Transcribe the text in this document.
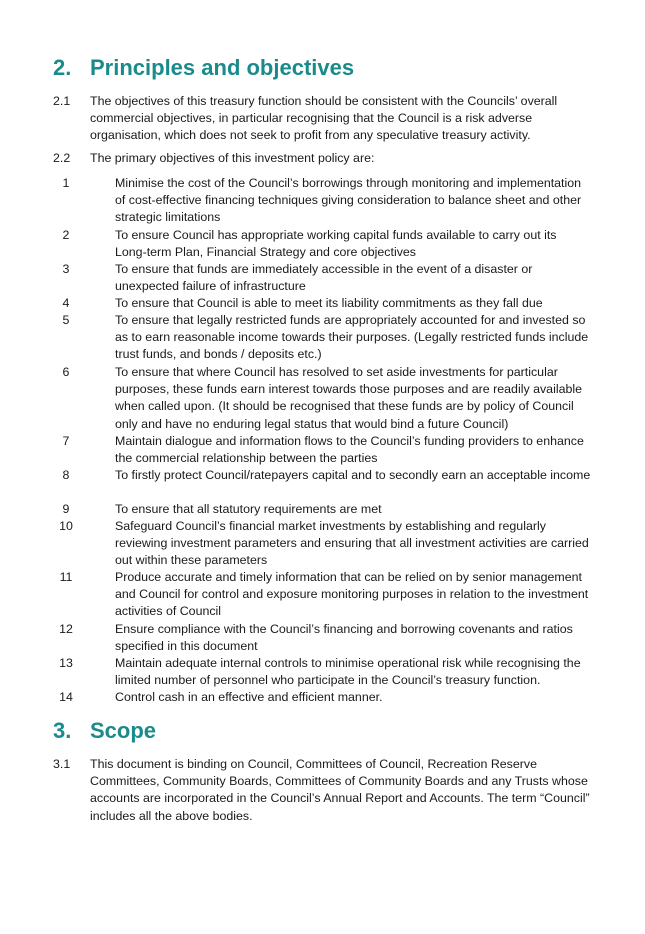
2. Principles and objectives
2.1 The objectives of this treasury function should be consistent with the Councils’ overall commercial objectives, in particular recognising that the Council is a risk adverse organisation, which does not seek to profit from any speculative treasury activity.
2.2 The primary objectives of this investment policy are:
1	Minimise the cost of the Council’s borrowings through monitoring and implementation of cost-effective financing techniques giving consideration to balance sheet and other strategic limitations
2	To ensure Council has appropriate working capital funds available to carry out its Long-term Plan, Financial Strategy and core objectives
3	To ensure that funds are immediately accessible in the event of a disaster or unexpected failure of infrastructure
4	To ensure that Council is able to meet its liability commitments as they fall due
5	To ensure that legally restricted funds are appropriately accounted for and invested so as to earn reasonable income towards their purposes. (Legally restricted funds include trust funds, and bonds / deposits etc.)
6	To ensure that where Council has resolved to set aside investments for particular purposes, these funds earn interest towards those purposes and are readily available when called upon. (It should be recognised that these funds are by policy of Council only and have no enduring legal status that would bind a future Council)
7	Maintain dialogue and information flows to the Council’s funding providers to enhance the commercial relationship between the parties
8	To firstly protect Council/ratepayers capital and to secondly earn an acceptable income
9	To ensure that all statutory requirements are met
10	Safeguard Council’s financial market investments by establishing and regularly reviewing investment parameters and ensuring that all investment activities are carried out within these parameters
11	Produce accurate and timely information that can be relied on by senior management and Council for control and exposure monitoring purposes in relation to the investment activities of Council
12	Ensure compliance with the Council’s financing and borrowing covenants and ratios specified in this document
13	Maintain adequate internal controls to minimise operational risk while recognising the limited number of personnel who participate in the Council’s treasury function.
14	Control cash in an effective and efficient manner.
3. Scope
3.1 This document is binding on Council, Committees of Council, Recreation Reserve Committees, Community Boards, Committees of Community Boards and any Trusts whose accounts are incorporated in the Council’s Annual Report and Accounts. The term “Council” includes all the above bodies.
